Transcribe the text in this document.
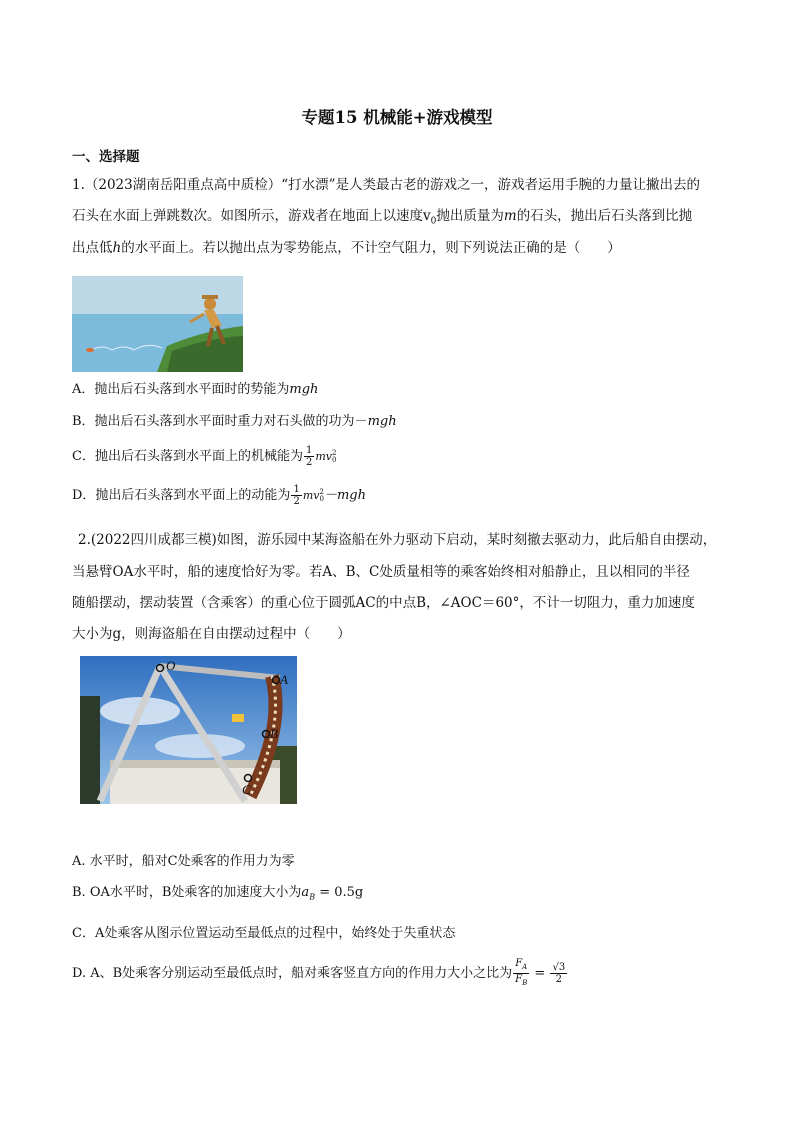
专题15 机械能+游戏模型
一、选择题
1.（2023湖南岳阳重点高中质检）“打水漂”是人类最古老的游戏之一，游戏者运用手腕的力量让撇出去的
石头在水面上弹跳数次。如图所示，游戏者在地面上以速度$v_0$抛出质量为m的石头，抛出后石头落到比抛
出点低h的水平面上。若以抛出点为零势能点，不计空气阻力，则下列说法正确的是（　　）
A．抛出后石头落到水平面时的势能为mgh
B．抛出后石头落到水平面时重力对石头做的功为－mgh
C．抛出后石头落到水平面上的机械能为 $\frac{1}{2}$ mv 2
0
D．抛出后石头落到水平面上的动能为 $\frac{1}{2}$ mv 2
0 －mgh
2.(2022四川成都三模)如图，游乐园中某海盗船在外力驱动下启动，某时刻撤去驱动力，此后船自由摆动，
当悬臂OA水平时，船的速度恰好为零。若A、B、C处质量相等的乘客始终相对船静止，且以相同的半径
随船摆动，摆动装置（含乘客）的重心位于圆弧AC的中点B，∠AOC＝60°，不计一切阻力，重力加速度
大小为g，则海盗船在自由摆动过程中（　　）
O
A
B
C
A. 水平时，船对C处乘客的作用力为零
B. OA水平时，B处乘客的加速度大小为$a_B = 0.5g$
C．A处乘客从图示位置运动至最低点的过程中，始终处于失重状态
D. A、B处乘客分别运动至最低点时，船对乘客竖直方向的作用力大小之比为 $\frac{F_A}{F_B} = \frac{√3}{2}$
